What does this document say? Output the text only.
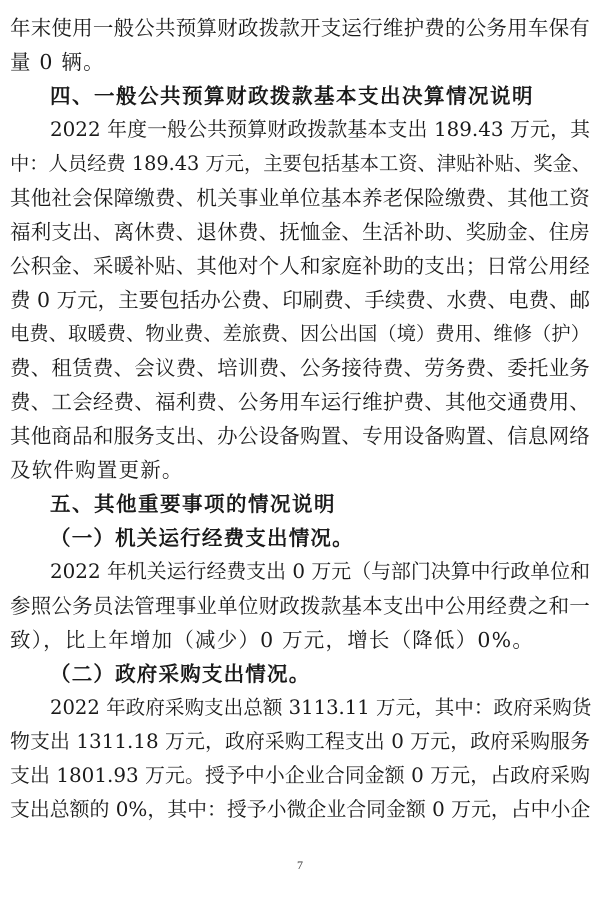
年末使用一般公共预算财政拨款开支运行维护费的公务用车保有
量 0 辆。
四、一般公共预算财政拨款基本支出决算情况说明
2022 年度一般公共预算财政拨款基本支出 189.43 万元，其
中：人员经费 189.43 万元，主要包括基本工资、津贴补贴、奖金、
其他社会保障缴费、机关事业单位基本养老保险缴费、其他工资
福利支出、离休费、退休费、抚恤金、生活补助、奖励金、住房
公积金、采暖补贴、其他对个人和家庭补助的支出；日常公用经
费 0 万元，主要包括办公费、印刷费、手续费、水费、电费、邮
电费、取暖费、物业费、差旅费、因公出国（境）费用、维修（护）
费、租赁费、会议费、培训费、公务接待费、劳务费、委托业务
费、工会经费、福利费、公务用车运行维护费、其他交通费用、
其他商品和服务支出、办公设备购置、专用设备购置、信息网络
及软件购置更新。
五、其他重要事项的情况说明
（一）机关运行经费支出情况。
2022 年机关运行经费支出 0 万元（与部门决算中行政单位和
参照公务员法管理事业单位财政拨款基本支出中公用经费之和一
致），比上年增加（减少）0 万元，增长（降低）0%。
（二）政府采购支出情况。
2022 年政府采购支出总额 3113.11 万元，其中：政府采购货
物支出 1311.18 万元，政府采购工程支出 0 万元，政府采购服务
支出 1801.93 万元。授予中小企业合同金额 0 万元，占政府采购
支出总额的 0%，其中：授予小微企业合同金额 0 万元，占中小企
7
